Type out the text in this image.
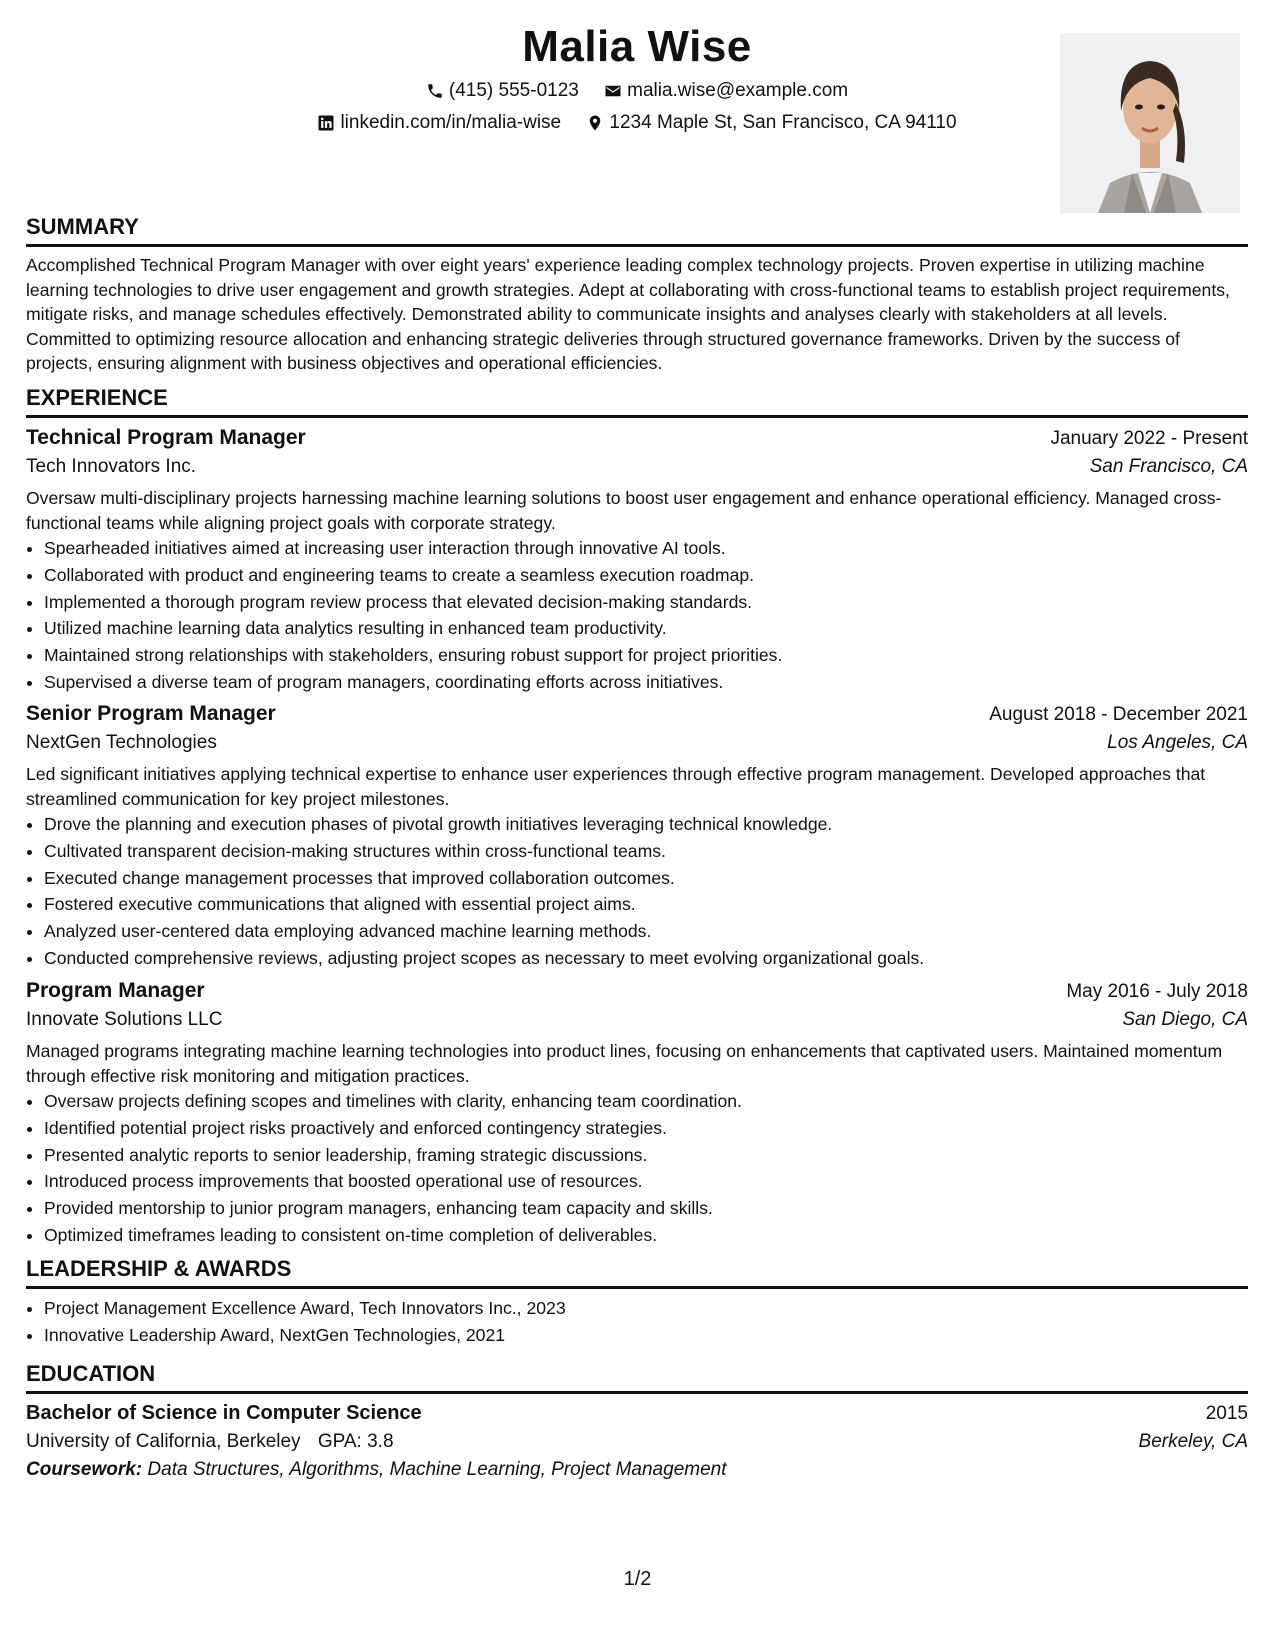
Malia Wise
(415) 555-0123
	malia.wise@example.com
linkedin.com/in/malia-wise
	1234 Maple St, San Francisco, CA 94110
SUMMARY

Accomplished Technical Program Manager with over eight years' experience leading complex technology projects. Proven expertise in utilizing machine learning technologies to drive user engagement and growth strategies. Adept at collaborating with cross-functional teams to establish project requirements, mitigate risks, and manage schedules effectively. Demonstrated ability to communicate insights and analyses clearly with stakeholders at all levels. Committed to optimizing resource allocation and enhancing strategic deliveries through structured governance frameworks. Driven by the success of projects, ensuring alignment with business objectives and operational efficiencies.

EXPERIENCE
Technical Program Manager	January 2022 - Present
Tech Innovators Inc.	San Francisco, CA
Oversaw multi-disciplinary projects harnessing machine learning solutions to boost user engagement and enhance operational efficiency. Managed cross-functional teams while aligning project goals with corporate strategy.
• Spearheaded initiatives aimed at increasing user interaction through innovative AI tools.
• Collaborated with product and engineering teams to create a seamless execution roadmap.
• Implemented a thorough program review process that elevated decision-making standards.
• Utilized machine learning data analytics resulting in enhanced team productivity.
• Maintained strong relationships with stakeholders, ensuring robust support for project priorities.
• Supervised a diverse team of program managers, coordinating efforts across initiatives.
Senior Program Manager	August 2018 - December 2021
NextGen Technologies	Los Angeles, CA
Led significant initiatives applying technical expertise to enhance user experiences through effective program management. Developed approaches that streamlined communication for key project milestones.
• Drove the planning and execution phases of pivotal growth initiatives leveraging technical knowledge.
• Cultivated transparent decision-making structures within cross-functional teams.
• Executed change management processes that improved collaboration outcomes.
• Fostered executive communications that aligned with essential project aims.
• Analyzed user-centered data employing advanced machine learning methods.
• Conducted comprehensive reviews, adjusting project scopes as necessary to meet evolving organizational goals.
Program Manager	May 2016 - July 2018
Innovate Solutions LLC	San Diego, CA
Managed programs integrating machine learning technologies into product lines, focusing on enhancements that captivated users. Maintained momentum through effective risk monitoring and mitigation practices.
• Oversaw projects defining scopes and timelines with clarity, enhancing team coordination.
• Identified potential project risks proactively and enforced contingency strategies.
• Presented analytic reports to senior leadership, framing strategic discussions.
• Introduced process improvements that boosted operational use of resources.
• Provided mentorship to junior program managers, enhancing team capacity and skills.
• Optimized timeframes leading to consistent on-time completion of deliverables.
LEADERSHIP & AWARDS
• Project Management Excellence Award, Tech Innovators Inc., 2023
• Innovative Leadership Award, NextGen Technologies, 2021
EDUCATION
Bachelor of Science in Computer Science	2015
University of California, Berkeley GPA: 3.8	Berkeley, CA
Coursework: Data Structures, Algorithms, Machine Learning, Project Management
1/2
